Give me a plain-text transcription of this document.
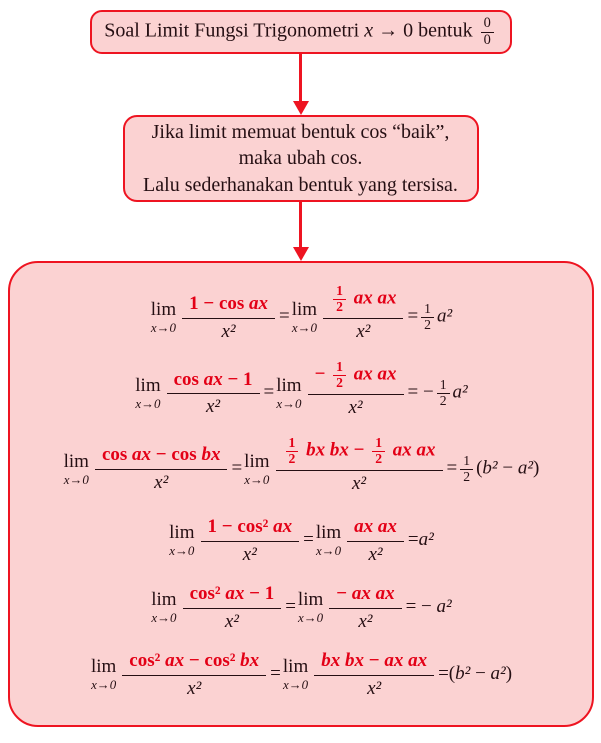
Soal Limit Fungsi Trigonometri x → 0 bentuk $\frac{0}{0}$
Jika limit memuat bentuk cos “baik”,
maka ubah cos.
Lalu sederhanakan bentuk yang tersisa.
lim
$x\to 0 \frac{\text{1 − cos ax}}{\text{x²}} = \lim$
$x\to 0 \frac{\frac{1}{2} ax ax}{\text{x²}} = \frac{1}{2} a^2$
lim
$x\to 0 \frac{\text{cos ax − 1}}{\text{x²}} = \lim$
$x\to 0 \frac{- \frac{1}{2} ax ax}{\text{x²}}$ = − $\frac{1}{2} a^2$
lim
$x\to 0 \frac{\text{cos ax − cos bx}}{\text{x²}} = \lim$
$x\to 0 \frac{\frac{1}{2} bx bx - \frac{1}{2} ax ax}{\text{x²}} = \frac{1}{2} (b^2 - a^2)$
lim
$x\to 0 \frac{\text{1 − cos² ax}}{\text{x²}} = \lim$
$x\to 0 \frac{\text{ax ax}}{\text{x²}} =a^2$
lim
$x\to 0 \frac{\text{cos² ax − 1}}{\text{x²}} = \lim$
$x\to 0 \frac{\text{− ax ax}}{\text{x²}}$ = − a²
lim
$x\to 0 \frac{\text{cos² ax − cos² bx}}{\text{x²}} = \lim$
$x\to 0 \frac{\text{bx bx − ax ax}}{\text{x²}} =(b^2 - a^2)$
